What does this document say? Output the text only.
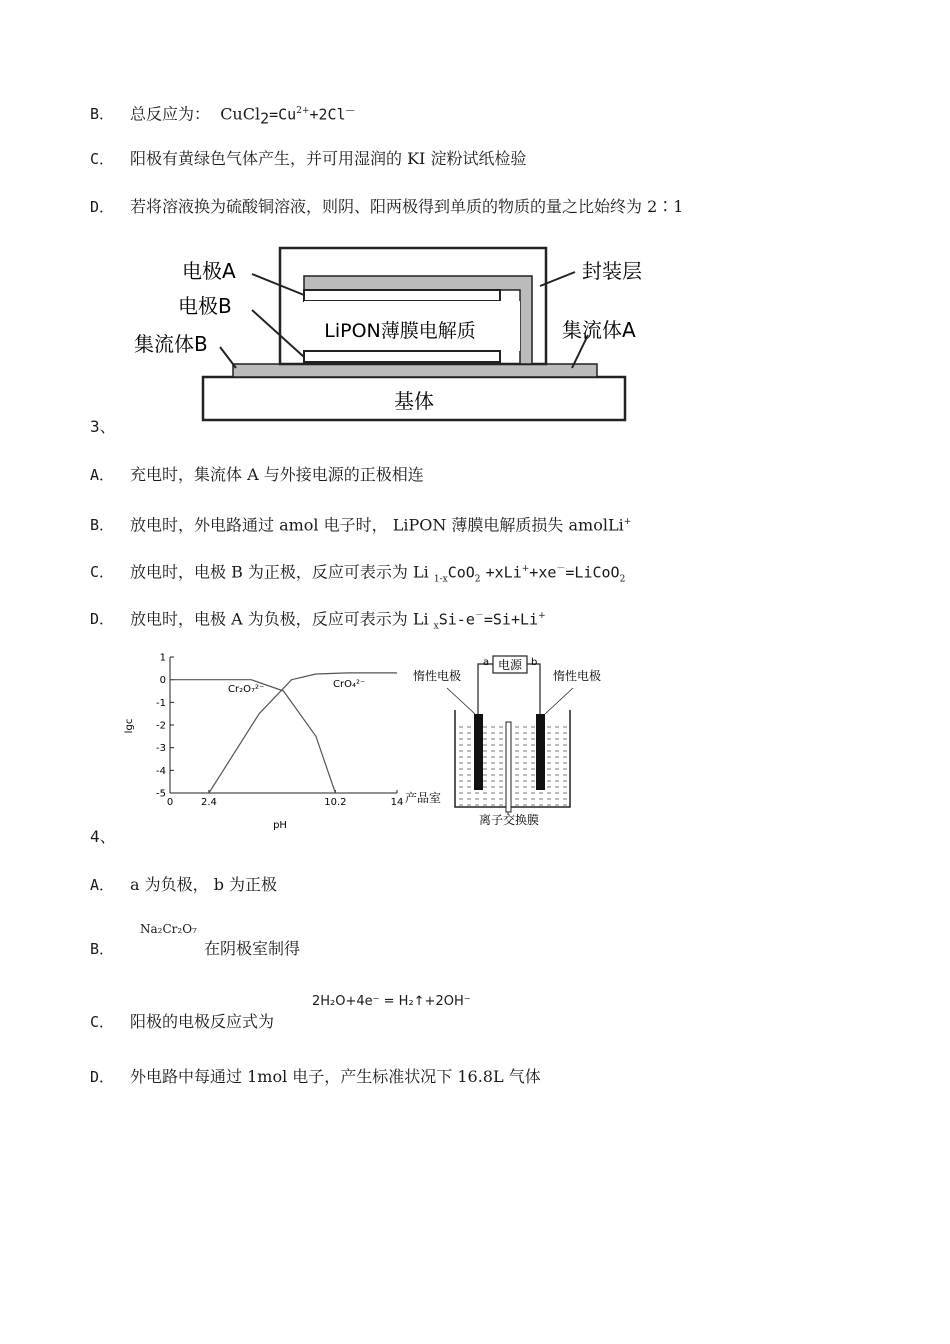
B． 总反应为： $CuCl_2=Cu^{2+}+2Cl^—$
C． 阳极有黄绿色气体产生，并可用湿润的 KI 淀粉试纸检验
D． 若将溶液换为硫酸铜溶液，则阴、阳两极得到单质的物质的量之比始终为 2∶1
基体
LiPON薄膜电解质
电极A
电极B
集流体B
封装层
集流体A
3、
A． 充电时，集流体 A 与外接电源的正极相连
B． 放电时，外电路通过 amol 电子时， LiPON 薄膜电解质损失 amolLi+
C． 放电时，电极 B 为正极，反应可表示为 Li $_{1-x}$CoO$_2$ +xLi++xe－=LiCoO$_2$
D． 放电时，电极 A 为负极，反应可表示为 Li $_x$Si-e－=Si+Li+
1
0
-1
-2
-3
-4
-5
0	2.4	10.2	14
lgc
pH
Cr₂O₇²⁻	CrO₄²⁻
电源
a	b
惰性电极	惰性电极
产品室
离子交换膜
4、
A． a 为负极， b 为正极
B．	在阴极室制得
Na₂Cr₂O₇
C． 阳极的电极反应式为
2H₂O+4e⁻ = H₂↑+2OH⁻
D． 外电路中每通过 1mol 电子，产生标准状况下 16.8L 气体
